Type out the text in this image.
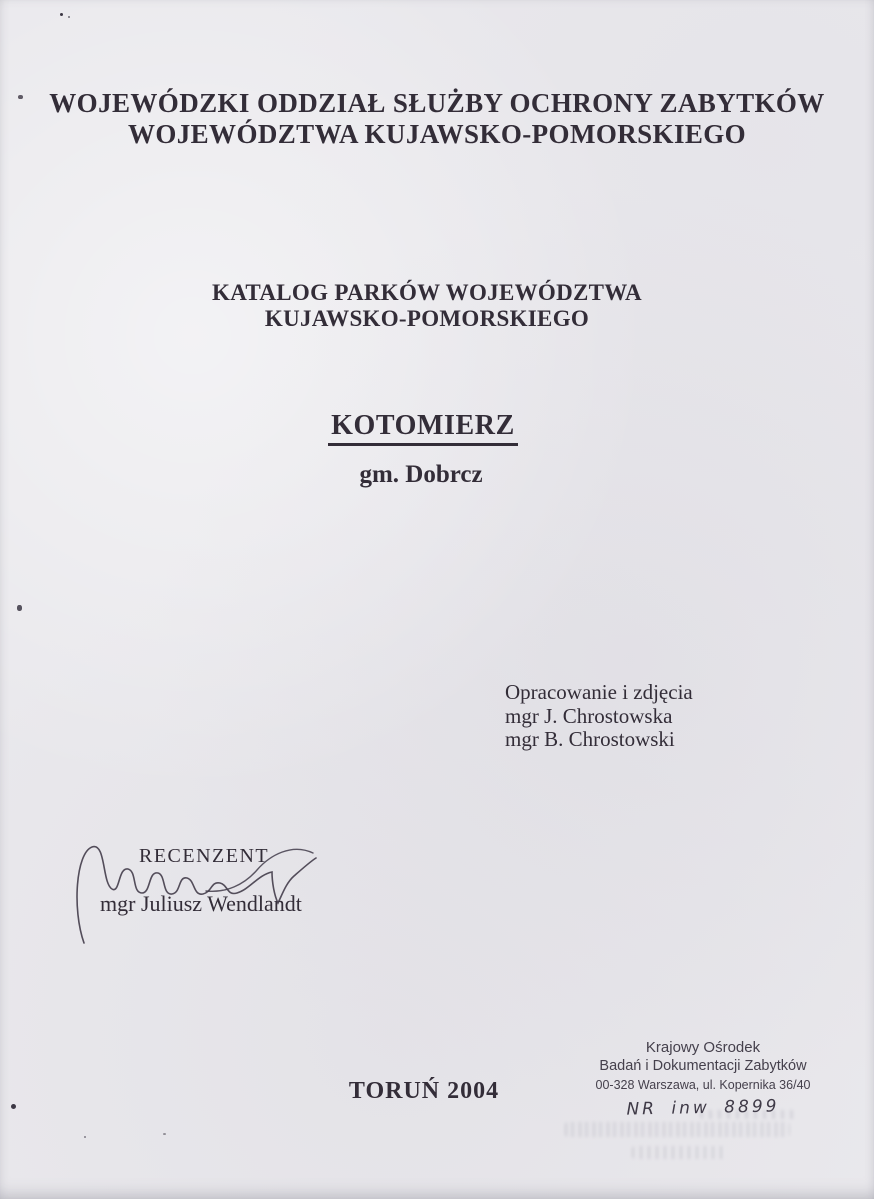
WOJEWÓDZKI ODDZIAŁ SŁUŻBY OCHRONY ZABYTKÓW
WOJEWÓDZTWA KUJAWSKO-POMORSKIEGO
KATALOG PARKÓW WOJEWÓDZTWA
KUJAWSKO-POMORSKIEGO
KOTOMIERZ
gm. Dobrcz
Opracowanie i zdjęcia
mgr J. Chrostowska
mgr B. Chrostowski
RECENZENT
mgr Juliusz Wendlandt
TORUŃ 2004
Krajowy Ośrodek
Badań i Dokumentacji Zabytków
00-328 Warszawa, ul. Kopernika 36/40
NR inw 8899
